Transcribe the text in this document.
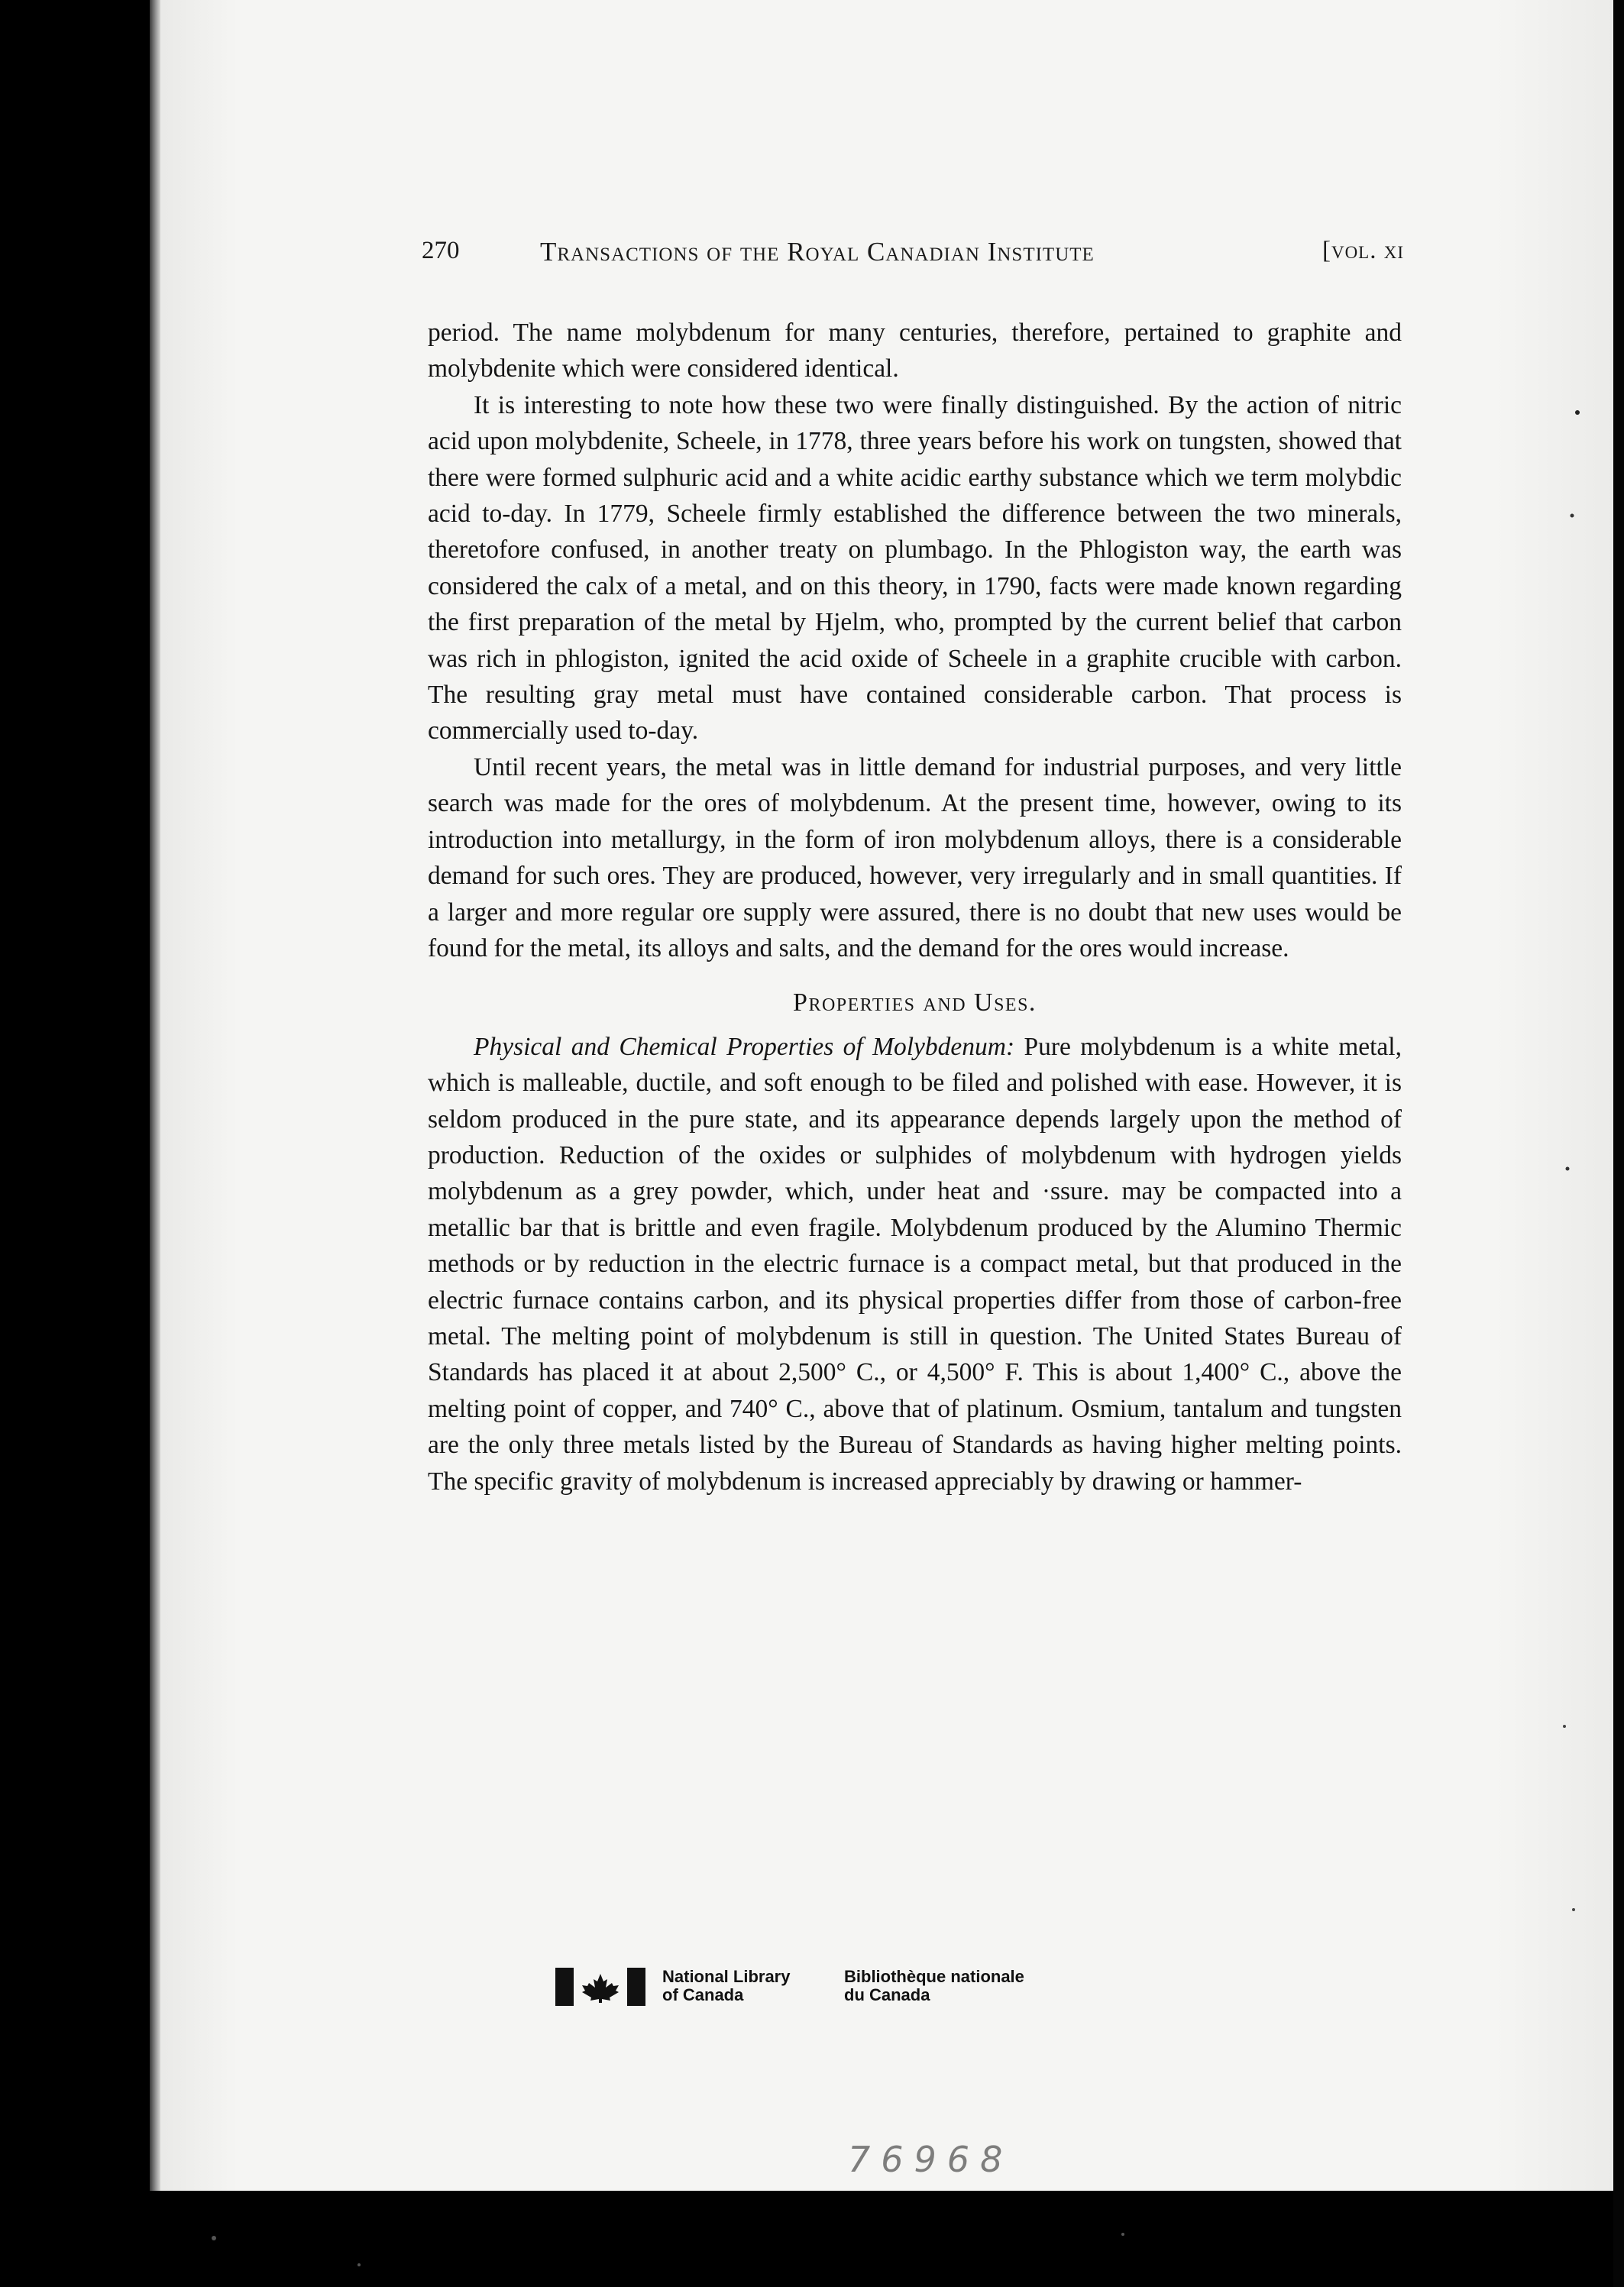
270	Transactions of the Royal Canadian Institute	[vol. xi

period. The name molybdenum for many centuries, therefore, pertained to graphite and molybdenite which were considered identical.

It is interesting to note how these two were finally distinguished. By the action of nitric acid upon molybdenite, Scheele, in 1778, three years before his work on tungsten, showed that there were formed sulphuric acid and a white acidic earthy substance which we term molybdic acid to-day. In 1779, Scheele firmly established the difference between the two minerals, theretofore confused, in another treaty on plumbago. In the Phlogiston way, the earth was considered the calx of a metal, and on this theory, in 1790, facts were made known regarding the first preparation of the metal by Hjelm, who, prompted by the current belief that carbon was rich in phlogiston, ignited the acid oxide of Scheele in a graphite crucible with carbon. The resulting gray metal must have contained considerable carbon. That process is commercially used to-day.

Until recent years, the metal was in little demand for industrial purposes, and very little search was made for the ores of molybdenum. At the present time, however, owing to its introduction into metallurgy, in the form of iron molybdenum alloys, there is a considerable demand for such ores. They are produced, however, very irregularly and in small quantities. If a larger and more regular ore supply were assured, there is no doubt that new uses would be found for the metal, its alloys and salts, and the demand for the ores would increase.

Properties and Uses.

Physical and Chemical Properties of Molybdenum: Pure molybdenum is a white metal, which is malleable, ductile, and soft enough to be filed and polished with ease. However, it is seldom produced in the pure state, and its appearance depends largely upon the method of production. Reduction of the oxides or sulphides of molybdenum with hydrogen yields molybdenum as a grey powder, which, under heat and ·ssure. may be compacted into a metallic bar that is brittle and even fragile. Molybdenum produced by the Alumino Thermic methods or by reduction in the electric furnace is a compact metal, but that produced in the electric furnace contains carbon, and its physical properties differ from those of carbon-free metal. The melting point of molybdenum is still in question. The United States Bureau of Standards has placed it at about 2,500° C., or 4,500° F. This is about 1,400° C., above the melting point of copper, and 740° C., above that of platinum. Osmium, tantalum and tungsten are the only three metals listed by the Bureau of Standards as having higher melting points. The specific gravity of molybdenum is increased appreciably by drawing or hammer-

National Library
of Canada
Bibliothèque nationale
du Canada
76968
